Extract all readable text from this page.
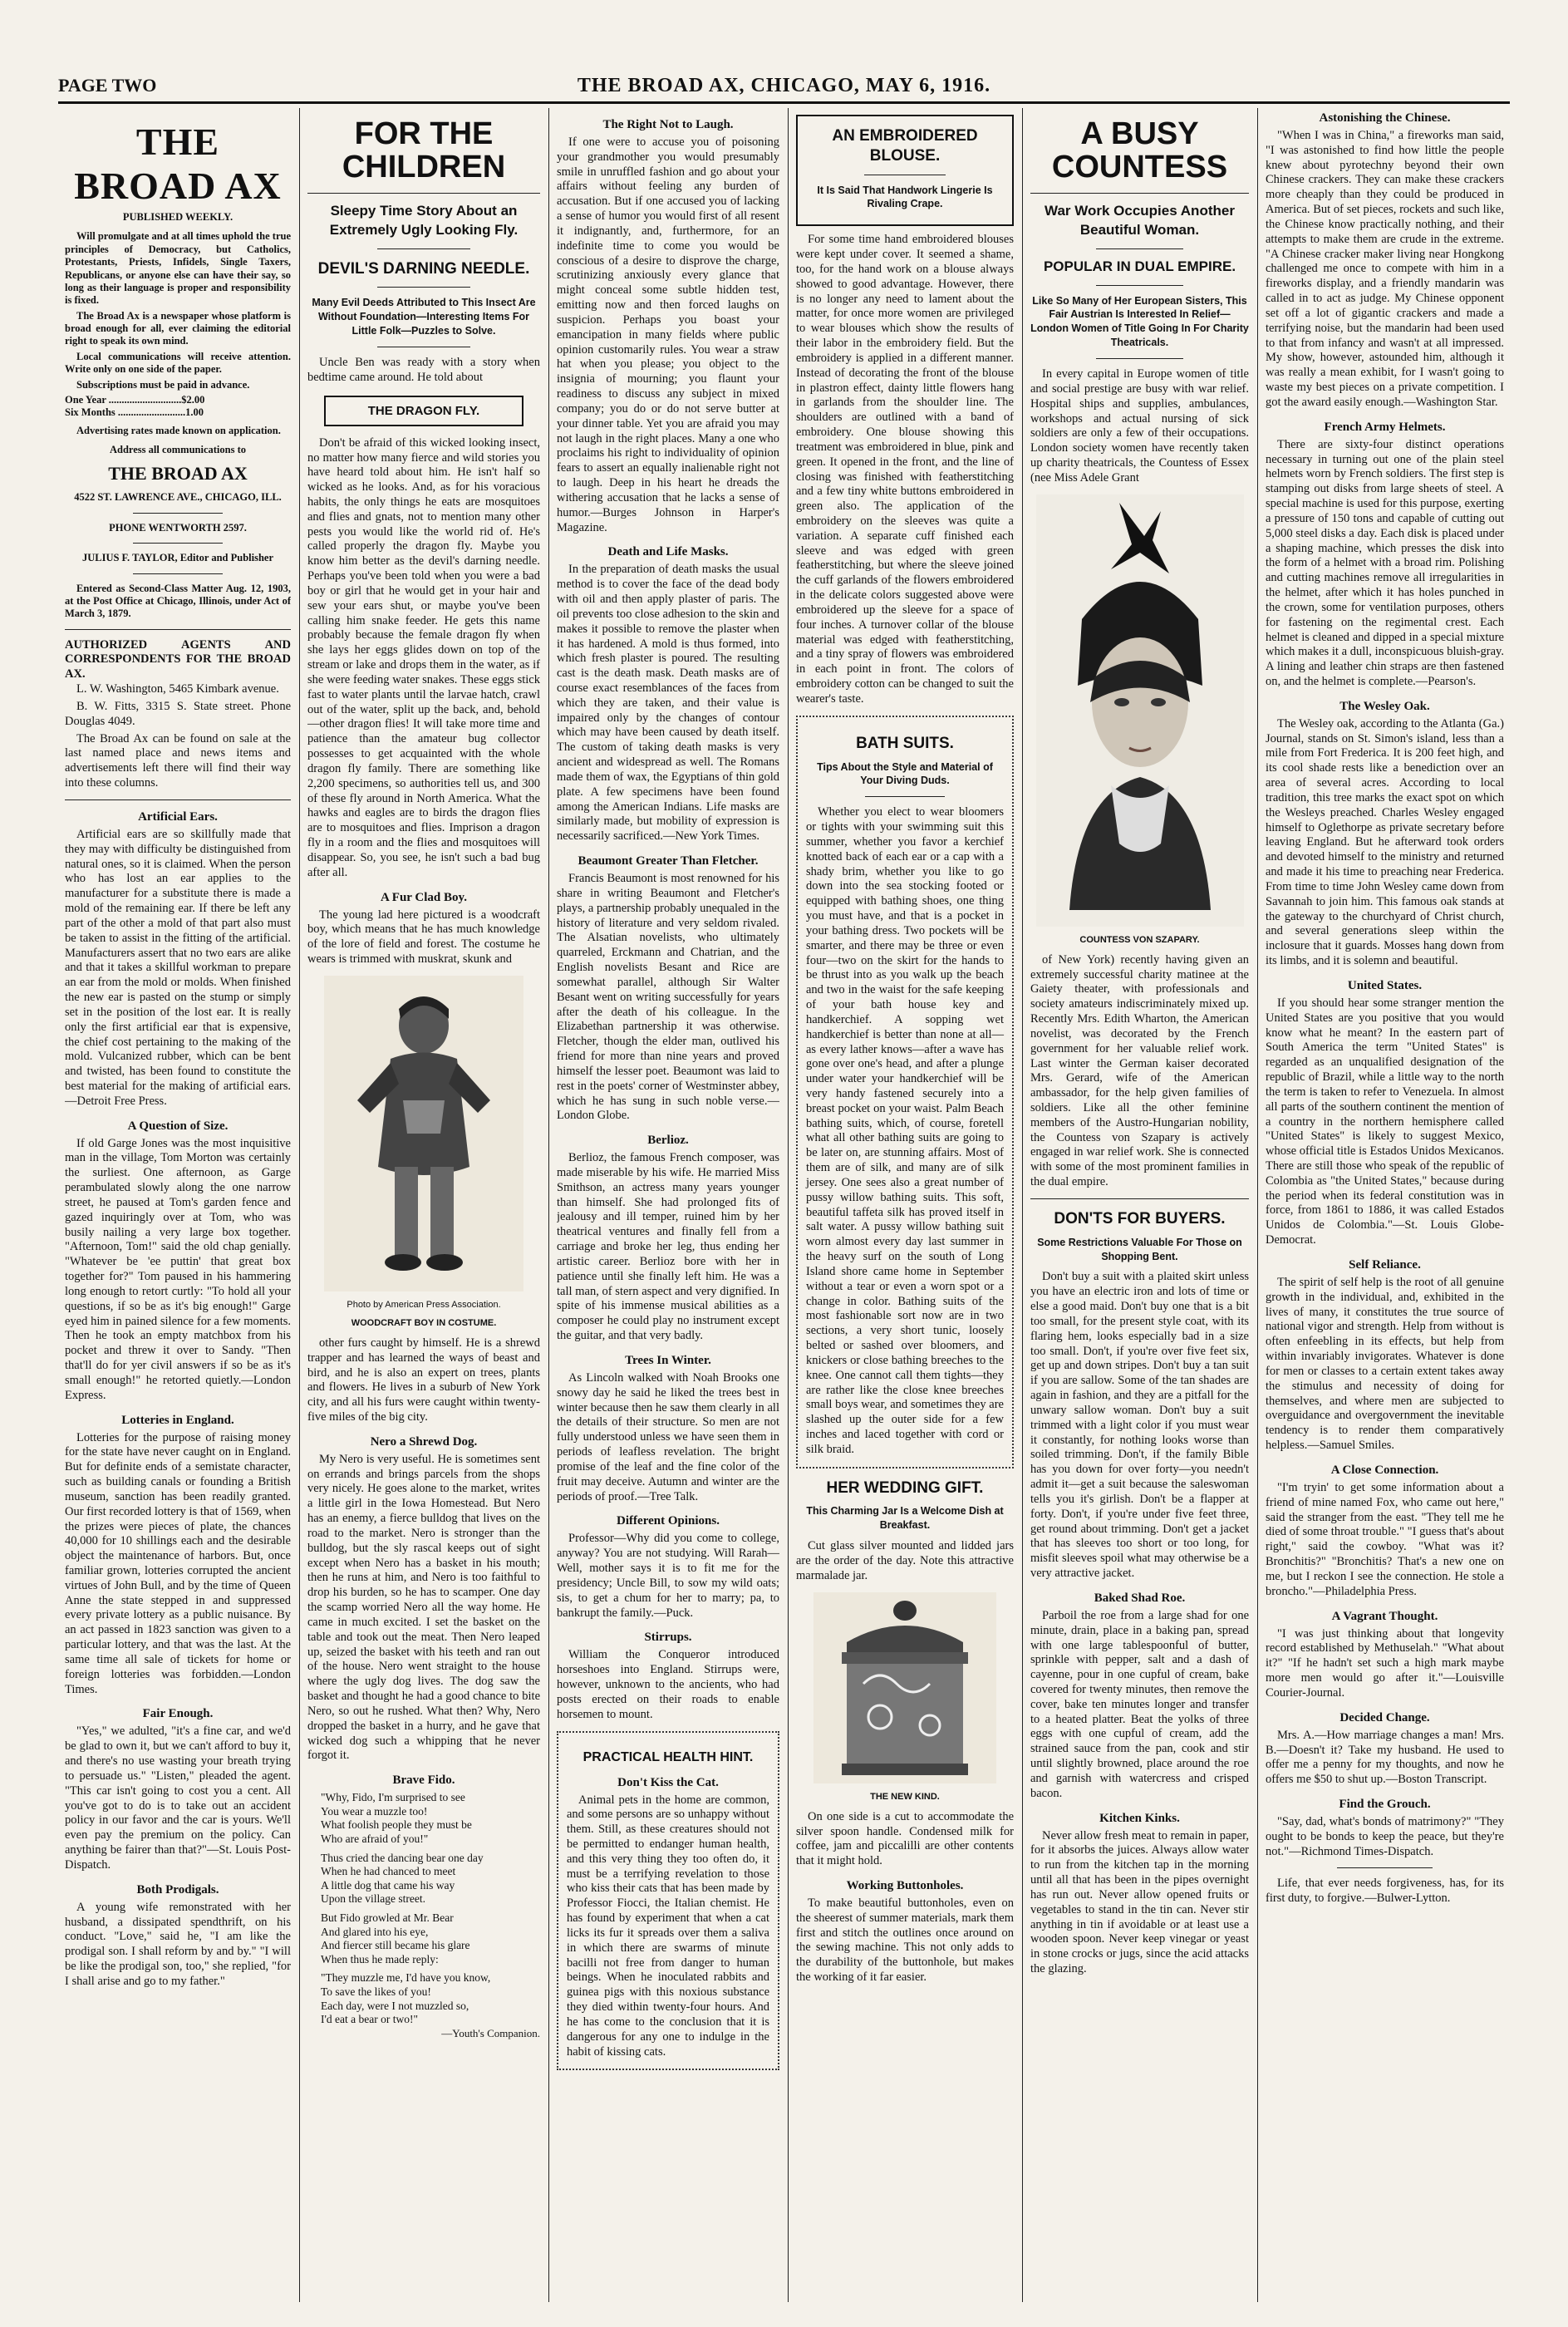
PAGE TWO	THE BROAD AX, CHICAGO, MAY 6, 1916.
THE BROAD AX
PUBLISHED WEEKLY.

Will promulgate and at all times uphold the true principles of Democracy, but Catholics, Protestants, Priests, Infidels, Single Taxers, Republicans, or anyone else can have their say, so long as their language is proper and responsibility is fixed.

The Broad Ax is a newspaper whose platform is broad enough for all, ever claiming the editorial right to speak its own mind.

Local communications will receive attention. Write only on one side of the paper.

Subscriptions must be paid in advance.

One Year ............................$2.00
Six Months ..........................1.00

Advertising rates made known on application.

Address all communications to
THE BROAD AX
4522 ST. LAWRENCE AVE., CHICAGO, ILL.
PHONE WENTWORTH 2597.
JULIUS F. TAYLOR, Editor and Publisher

Entered as Second-Class Matter Aug. 12, 1903, at the Post Office at Chicago, Illinois, under Act of March 3, 1879.

AUTHORIZED AGENTS AND CORRESPONDENTS FOR THE BROAD AX.

L. W. Washington, 5465 Kimbark avenue.

B. W. Fitts, 3315 S. State street. Phone Douglas 4049.

The Broad Ax can be found on sale at the last named place and news items and advertisements left there will find their way into these columns.

Artificial Ears.

Artificial ears are so skillfully made that they may with difficulty be distinguished from natural ones, so it is claimed. When the person who has lost an ear applies to the manufacturer for a substitute there is made a mold of the remaining ear. If there be left any part of the other a mold of that part also must be taken to assist in the fitting of the artificial. Manufacturers assert that no two ears are alike and that it takes a skillful workman to prepare an ear from the mold or molds. When finished the new ear is pasted on the stump or simply set in the position of the lost ear. It is really only the first artificial ear that is expensive, the chief cost pertaining to the making of the mold. Vulcanized rubber, which can be bent and twisted, has been found to constitute the best material for the making of artificial ears.—Detroit Free Press.

A Question of Size.

If old Garge Jones was the most inquisitive man in the village, Tom Morton was certainly the surliest. One afternoon, as Garge perambulated slowly along the one narrow street, he paused at Tom's garden fence and gazed inquiringly over at Tom, who was busily nailing a very large box together. "Afternoon, Tom!" said the old chap genially. "Whatever be 'ee puttin' that great box together for?" Tom paused in his hammering long enough to retort curtly: "To hold all your questions, if so be as it's big enough!" Garge eyed him in pained silence for a few moments. Then he took an empty matchbox from his pocket and threw it over to Sandy. "Then that'll do for yer civil answers if so be as it's small enough!" he retorted quietly.—London Express.

Lotteries in England.

Lotteries for the purpose of raising money for the state have never caught on in England. But for definite ends of a semistate character, such as building canals or founding a British museum, sanction has been readily granted. Our first recorded lottery is that of 1569, when the prizes were pieces of plate, the chances 40,000 for 10 shillings each and the desirable object the maintenance of harbors. But, once familiar grown, lotteries corrupted the ancient virtues of John Bull, and by the time of Queen Anne the state stepped in and suppressed every private lottery as a public nuisance. By an act passed in 1823 sanction was given to a particular lottery, and that was the last. At the same time all sale of tickets for home or foreign lotteries was forbidden.—London Times.

Fair Enough.

"Yes," we adulted, "it's a fine car, and we'd be glad to own it, but we can't afford to buy it, and there's no use wasting your breath trying to persuade us." "Listen," pleaded the agent. "This car isn't going to cost you a cent. All you've got to do is to take out an accident policy in our favor and the car is yours. We'll even pay the premium on the policy. Can anything be fairer than that?"—St. Louis Post-Dispatch.

Both Prodigals.

A young wife remonstrated with her husband, a dissipated spendthrift, on his conduct. "Love," said he, "I am like the prodigal son. I shall reform by and by." "I will be like the prodigal son, too," she replied, "for I shall arise and go to my father."

FOR THE CHILDREN
Sleepy Time Story About an Extremely Ugly Looking Fly.
DEVIL'S DARNING NEEDLE.
Many Evil Deeds Attributed to This Insect Are Without Foundation—Interesting Items For Little Folk—Puzzles to Solve.

Uncle Ben was ready with a story when bedtime came around. He told about

THE DRAGON FLY.

Don't be afraid of this wicked looking insect, no matter how many fierce and wild stories you have heard told about him. He isn't half so wicked as he looks. And, as for his voracious habits, the only things he eats are mosquitoes and flies and gnats, not to mention many other pests you would like the world rid of. He's called properly the dragon fly. Maybe you know him better as the devil's darning needle. Perhaps you've been told when you were a bad boy or girl that he would get in your hair and sew your ears shut, or maybe you've been calling him snake feeder. He gets this name probably because the female dragon fly when she lays her eggs glides down on top of the stream or lake and drops them in the water, as if she were feeding water snakes. These eggs stick fast to water plants until the larvae hatch, crawl out of the water, split up the back, and, behold—other dragon flies! It will take more time and patience than the amateur bug collector possesses to get acquainted with the whole dragon fly family. There are something like 2,200 specimens, so authorities tell us, and 300 of these fly around in North America. What the hawks and eagles are to birds the dragon flies are to mosquitoes and flies. Imprison a dragon fly in a room and the flies and mosquitoes will disappear. So, you see, he isn't such a bad bug after all.

A Fur Clad Boy.

The young lad here pictured is a woodcraft boy, which means that he has much knowledge of the lore of field and forest. The costume he wears is trimmed with muskrat, skunk and

Photo by American Press Association.
WOODCRAFT BOY IN COSTUME.

other furs caught by himself. He is a shrewd trapper and has learned the ways of beast and bird, and he is also an expert on trees, plants and flowers. He lives in a suburb of New York city, and all his furs were caught within twenty-five miles of the big city.

Nero a Shrewd Dog.

My Nero is very useful. He is sometimes sent on errands and brings parcels from the shops very nicely. He goes alone to the market, writes a little girl in the Iowa Homestead. But Nero has an enemy, a fierce bulldog that lives on the road to the market. Nero is stronger than the bulldog, but the sly rascal keeps out of sight except when Nero has a basket in his mouth; then he runs at him, and Nero is too faithful to drop his burden, so he has to scamper. One day the scamp worried Nero all the way home. He came in much excited. I set the basket on the table and took out the meat. Then Nero leaped up, seized the basket with his teeth and ran out of the house. Nero went straight to the house where the ugly dog lives. The dog saw the basket and thought he had a good chance to bite Nero, so out he rushed. What then? Why, Nero dropped the basket in a hurry, and he gave that wicked dog such a whipping that he never forgot it.

Brave Fido.
"Why, Fido, I'm surprised to see
You wear a muzzle too!
What foolish people they must be
Who are afraid of you!"
Thus cried the dancing bear one day
When he had chanced to meet
A little dog that came his way
Upon the village street.
But Fido growled at Mr. Bear
And glared into his eye,
And fiercer still became his glare
When thus he made reply:
"They muzzle me, I'd have you know,
To save the likes of you!
Each day, were I not muzzled so,
I'd eat a bear or two!"
—Youth's Companion.
The Right Not to Laugh.

If one were to accuse you of poisoning your grandmother you would presumably smile in unruffled fashion and go about your affairs without feeling any burden of accusation. But if one accused you of lacking a sense of humor you would first of all resent it indignantly, and, furthermore, for an indefinite time to come you would be conscious of a desire to disprove the charge, scrutinizing anxiously every glance that might conceal some subtle hidden test, emitting now and then forced laughs on suspicion. Perhaps you boast your emancipation in many fields where public opinion customarily rules. You wear a straw hat when you please; you object to the insignia of mourning; you flaunt your readiness to discuss any subject in mixed company; you do or do not serve butter at your dinner table. Yet you are afraid you may not laugh in the right places. Many a one who proclaims his right to individuality of opinion fears to assert an equally inalienable right not to laugh. Deep in his heart he dreads the withering accusation that he lacks a sense of humor.—Burges Johnson in Harper's Magazine.

Death and Life Masks.

In the preparation of death masks the usual method is to cover the face of the dead body with oil and then apply plaster of paris. The oil prevents too close adhesion to the skin and makes it possible to remove the plaster when it has hardened. A mold is thus formed, into which fresh plaster is poured. The resulting cast is the death mask. Death masks are of course exact resemblances of the faces from which they are taken, and their value is impaired only by the changes of contour which may have been caused by death itself. The custom of taking death masks is very ancient and widespread as well. The Romans made them of wax, the Egyptians of thin gold plate. A few specimens have been found among the American Indians. Life masks are similarly made, but mobility of expression is necessarily sacrificed.—New York Times.

Beaumont Greater Than Fletcher.

Francis Beaumont is most renowned for his share in writing Beaumont and Fletcher's plays, a partnership probably unequaled in the history of literature and very seldom rivaled. The Alsatian novelists, who ultimately quarreled, Erckmann and Chatrian, and the English novelists Besant and Rice are somewhat parallel, although Sir Walter Besant went on writing successfully for years after the death of his colleague. In the Elizabethan partnership it was otherwise. Fletcher, though the elder man, outlived his friend for more than nine years and proved himself the lesser poet. Beaumont was laid to rest in the poets' corner of Westminster abbey, which he has sung in such noble verse.—London Globe.

Berlioz.

Berlioz, the famous French composer, was made miserable by his wife. He married Miss Smithson, an actress many years younger than himself. She had prolonged fits of jealousy and ill temper, ruined him by her theatrical ventures and finally fell from a carriage and broke her leg, thus ending her artistic career. Berlioz bore with her in patience until she finally left him. He was a tall man, of stern aspect and very dignified. In spite of his immense musical abilities as a composer he could play no instrument except the guitar, and that very badly.

Trees In Winter.

As Lincoln walked with Noah Brooks one snowy day he said he liked the trees best in winter because then he saw them clearly in all the details of their structure. So men are not fully understood unless we have seen them in periods of leafless revelation. The bright promise of the leaf and the fine color of the fruit may deceive. Autumn and winter are the periods of proof.—Tree Talk.

Different Opinions.

Professor—Why did you come to college, anyway? You are not studying. Will Rarah—Well, mother says it is to fit me for the presidency; Uncle Bill, to sow my wild oats; sis, to get a chum for her to marry; pa, to bankrupt the family.—Puck.

Stirrups.

William the Conqueror introduced horseshoes into England. Stirrups were, however, unknown to the ancients, who had posts erected on their roads to enable horsemen to mount.

PRACTICAL HEALTH HINT.
Don't Kiss the Cat.

Animal pets in the home are common, and some persons are so unhappy without them. Still, as these creatures should not be permitted to endanger human health, and this very thing they too often do, it must be a terrifying revelation to those who kiss their cats that has been made by Professor Fiocci, the Italian chemist. He has found by experiment that when a cat licks its fur it spreads over them a saliva in which there are swarms of minute bacilli not free from danger to human beings. When he inoculated rabbits and guinea pigs with this noxious substance they died within twenty-four hours. And he has come to the conclusion that it is dangerous for any one to indulge in the habit of kissing cats.

AN EMBROIDERED BLOUSE.
It Is Said That Handwork Lingerie Is Rivaling Crape.

For some time hand embroidered blouses were kept under cover. It seemed a shame, too, for the hand work on a blouse always showed to good advantage. However, there is no longer any need to lament about the matter, for once more women are privileged to wear blouses which show the results of their labor in the embroidery field. But the embroidery is applied in a different manner. Instead of decorating the front of the blouse in plastron effect, dainty little flowers hang in garlands from the shoulder line. The shoulders are outlined with a band of embroidery. One blouse showing this treatment was embroidered in blue, pink and green. It opened in the front, and the line of closing was finished with featherstitching and a few tiny white buttons embroidered in green also. The application of the embroidery on the sleeves was quite a variation. A separate cuff finished each sleeve and was edged with green featherstitching, but where the sleeve joined the cuff garlands of the flowers embroidered in the delicate colors suggested above were embroidered up the sleeve for a space of four inches. A turnover collar of the blouse material was edged with featherstitching, and a tiny spray of flowers was embroidered in each point in front. The colors of embroidery cotton can be changed to suit the wearer's taste.

BATH SUITS.
Tips About the Style and Material of Your Diving Duds.

Whether you elect to wear bloomers or tights with your swimming suit this summer, whether you favor a kerchief knotted back of each ear or a cap with a shady brim, whether you like to go down into the sea stocking footed or equipped with bathing shoes, one thing you must have, and that is a pocket in your bathing dress. Two pockets will be smarter, and there may be three or even four—two on the skirt for the hands to be thrust into as you walk up the beach and two in the waist for the safe keeping of your bath house key and handkerchief. A sopping wet handkerchief is better than none at all—as every lather knows—after a wave has gone over one's head, and after a plunge under water your handkerchief will be very handy fastened securely into a breast pocket on your waist. Palm Beach bathing suits, which, of course, foretell what all other bathing suits are going to be later on, are stunning affairs. Most of them are of silk, and many are of silk jersey. One sees also a great number of pussy willow bathing suits. This soft, beautiful taffeta silk has proved itself in salt water. A pussy willow bathing suit worn almost every day last summer in the heavy surf on the south of Long Island shore came home in September without a tear or even a worn spot or a change in color. Bathing suits of the most fashionable sort now are in two sections, a very short tunic, loosely belted or sashed over bloomers, and knickers or close bathing breeches to the knee. One cannot call them tights—they are rather like the close knee breeches small boys wear, and sometimes they are slashed up the outer side for a few inches and laced together with cord or silk braid.

HER WEDDING GIFT.
This Charming Jar Is a Welcome Dish at Breakfast.

Cut glass silver mounted and lidded jars are the order of the day. Note this attractive marmalade jar.

THE NEW KIND.

On one side is a cut to accommodate the silver spoon handle. Condensed milk for coffee, jam and piccalilli are other contents that it might hold.

Working Buttonholes.

To make beautiful buttonholes, even on the sheerest of summer materials, mark them first and stitch the outlines once around on the sewing machine. This not only adds to the durability of the buttonhole, but makes the working of it far easier.

A BUSY COUNTESS
War Work Occupies Another Beautiful Woman.
POPULAR IN DUAL EMPIRE.
Like So Many of Her European Sisters, This Fair Austrian Is Interested In Relief—London Women of Title Going In For Charity Theatricals.

In every capital in Europe women of title and social prestige are busy with war relief. Hospital ships and supplies, ambulances, workshops and actual nursing of sick soldiers are only a few of their occupations. London society women have recently taken up charity theatricals, the Countess of Essex (nee Miss Adele Grant

COUNTESS VON SZAPARY.

of New York) recently having given an extremely successful charity matinee at the Gaiety theater, with professionals and society amateurs indiscriminately mixed up. Recently Mrs. Edith Wharton, the American novelist, was decorated by the French government for her valuable relief work. Last winter the German kaiser decorated Mrs. Gerard, wife of the American ambassador, for the help given families of soldiers. Like all the other feminine members of the Austro-Hungarian nobility, the Countess von Szapary is actively engaged in war relief work. She is connected with some of the most prominent families in the dual empire.

DON'TS FOR BUYERS.
Some Restrictions Valuable For Those on Shopping Bent.

Don't buy a suit with a plaited skirt unless you have an electric iron and lots of time or else a good maid. Don't buy one that is a bit too small, for the present style coat, with its flaring hem, looks especially bad in a size too small. Don't, if you're over five feet six, get up and down stripes. Don't buy a tan suit if you are sallow. Some of the tan shades are again in fashion, and they are a pitfall for the unwary sallow woman. Don't buy a suit trimmed with a light color if you must wear it constantly, for nothing looks worse than soiled trimming. Don't, if the family Bible has you down for over forty—you needn't admit it—get a suit because the saleswoman tells you it's girlish. Don't be a flapper at forty. Don't, if you're under five feet three, get round about trimming. Don't get a jacket that has sleeves too short or too long, for misfit sleeves spoil what may otherwise be a very attractive jacket.

Baked Shad Roe.

Parboil the roe from a large shad for one minute, drain, place in a baking pan, spread with one large tablespoonful of butter, sprinkle with pepper, salt and a dash of cayenne, pour in one cupful of cream, bake covered for twenty minutes, then remove the cover, bake ten minutes longer and transfer to a heated platter. Beat the yolks of three eggs with one cupful of cream, add the strained sauce from the pan, cook and stir until slightly browned, place around the roe and garnish with watercress and crisped bacon.

Kitchen Kinks.

Never allow fresh meat to remain in paper, for it absorbs the juices. Always allow water to run from the kitchen tap in the morning until all that has been in the pipes overnight has run out. Never allow opened fruits or vegetables to stand in the tin can. Never stir anything in tin if avoidable or at least use a wooden spoon. Never keep vinegar or yeast in stone crocks or jugs, since the acid attacks the glazing.

Astonishing the Chinese.

"When I was in China," a fireworks man said, "I was astonished to find how little the people knew about pyrotechny beyond their own Chinese crackers. They can make these crackers more cheaply than they could be produced in America. But of set pieces, rockets and such like, the Chinese know practically nothing, and their attempts to make them are crude in the extreme. "A Chinese cracker maker living near Hongkong challenged me once to compete with him in a fireworks display, and a friendly mandarin was called in to act as judge. My Chinese opponent set off a lot of gigantic crackers and made a terrifying noise, but the mandarin had been used to that from infancy and wasn't at all impressed. My show, however, astounded him, although it was really a mean exhibit, for I wasn't going to waste my best pieces on a private competition. I got the award easily enough.—Washington Star.

French Army Helmets.

There are sixty-four distinct operations necessary in turning out one of the plain steel helmets worn by French soldiers. The first step is stamping out disks from large sheets of steel. A special machine is used for this purpose, exerting a pressure of 150 tons and capable of cutting out 5,000 steel disks a day. Each disk is placed under a shaping machine, which presses the disk into the form of a helmet with a broad rim. Polishing and cutting machines remove all irregularities in the helmet, after which it has holes punched in the crown, some for ventilation purposes, others for fastening on the regimental crest. Each helmet is cleaned and dipped in a special mixture which makes it a dull, inconspicuous bluish-gray. A lining and leather chin straps are then fastened on, and the helmet is complete.—Pearson's.

The Wesley Oak.

The Wesley oak, according to the Atlanta (Ga.) Journal, stands on St. Simon's island, less than a mile from Fort Frederica. It is 200 feet high, and its cool shade rests like a benediction over an area of several acres. According to local tradition, this tree marks the exact spot on which the Wesleys preached. Charles Wesley engaged himself to Oglethorpe as private secretary before leaving England. But he afterward took orders and devoted himself to the ministry and returned and made it his time to preaching near Frederica. From time to time John Wesley came down from Savannah to join him. This famous oak stands at the gateway to the churchyard of Christ church, and several generations sleep within the inclosure that it guards. Mosses hang down from its limbs, and it is solemn and beautiful.

United States.

If you should hear some stranger mention the United States are you positive that you would know what he meant? In the eastern part of South America the term "United States" is regarded as an unqualified designation of the republic of Brazil, while a little way to the north the term is taken to refer to Venezuela. In almost all parts of the southern continent the mention of a country in the northern hemisphere called "United States" is likely to suggest Mexico, whose official title is Estados Unidos Mexicanos. There are still those who speak of the republic of Colombia as "the United States," because during the period when its federal constitution was in force, from 1861 to 1886, it was called Estados Unidos de Colombia."—St. Louis Globe-Democrat.

Self Reliance.

The spirit of self help is the root of all genuine growth in the individual, and, exhibited in the lives of many, it constitutes the true source of national vigor and strength. Help from without is often enfeebling in its effects, but help from within invariably invigorates. Whatever is done for men or classes to a certain extent takes away the stimulus and necessity of doing for themselves, and where men are subjected to overguidance and overgovernment the inevitable tendency is to render them comparatively helpless.—Samuel Smiles.

A Close Connection.

"I'm tryin' to get some information about a friend of mine named Fox, who came out here," said the stranger from the east. "They tell me he died of some throat trouble." "I guess that's about right," said the cowboy. "What was it? Bronchitis?" "Bronchitis? That's a new one on me, but I reckon I see the connection. He stole a broncho."—Philadelphia Press.

A Vagrant Thought.

"I was just thinking about that longevity record established by Methuselah." "What about it?" "If he hadn't set such a high mark maybe more men would go after it."—Louisville Courier-Journal.

Decided Change.

Mrs. A.—How marriage changes a man! Mrs. B.—Doesn't it? Take my husband. He used to offer me a penny for my thoughts, and now he offers me $50 to shut up.—Boston Transcript.

Find the Grouch.

"Say, dad, what's bonds of matrimony?" "They ought to be bonds to keep the peace, but they're not."—Richmond Times-Dispatch.

Life, that ever needs forgiveness, has, for its first duty, to forgive.—Bulwer-Lytton.
